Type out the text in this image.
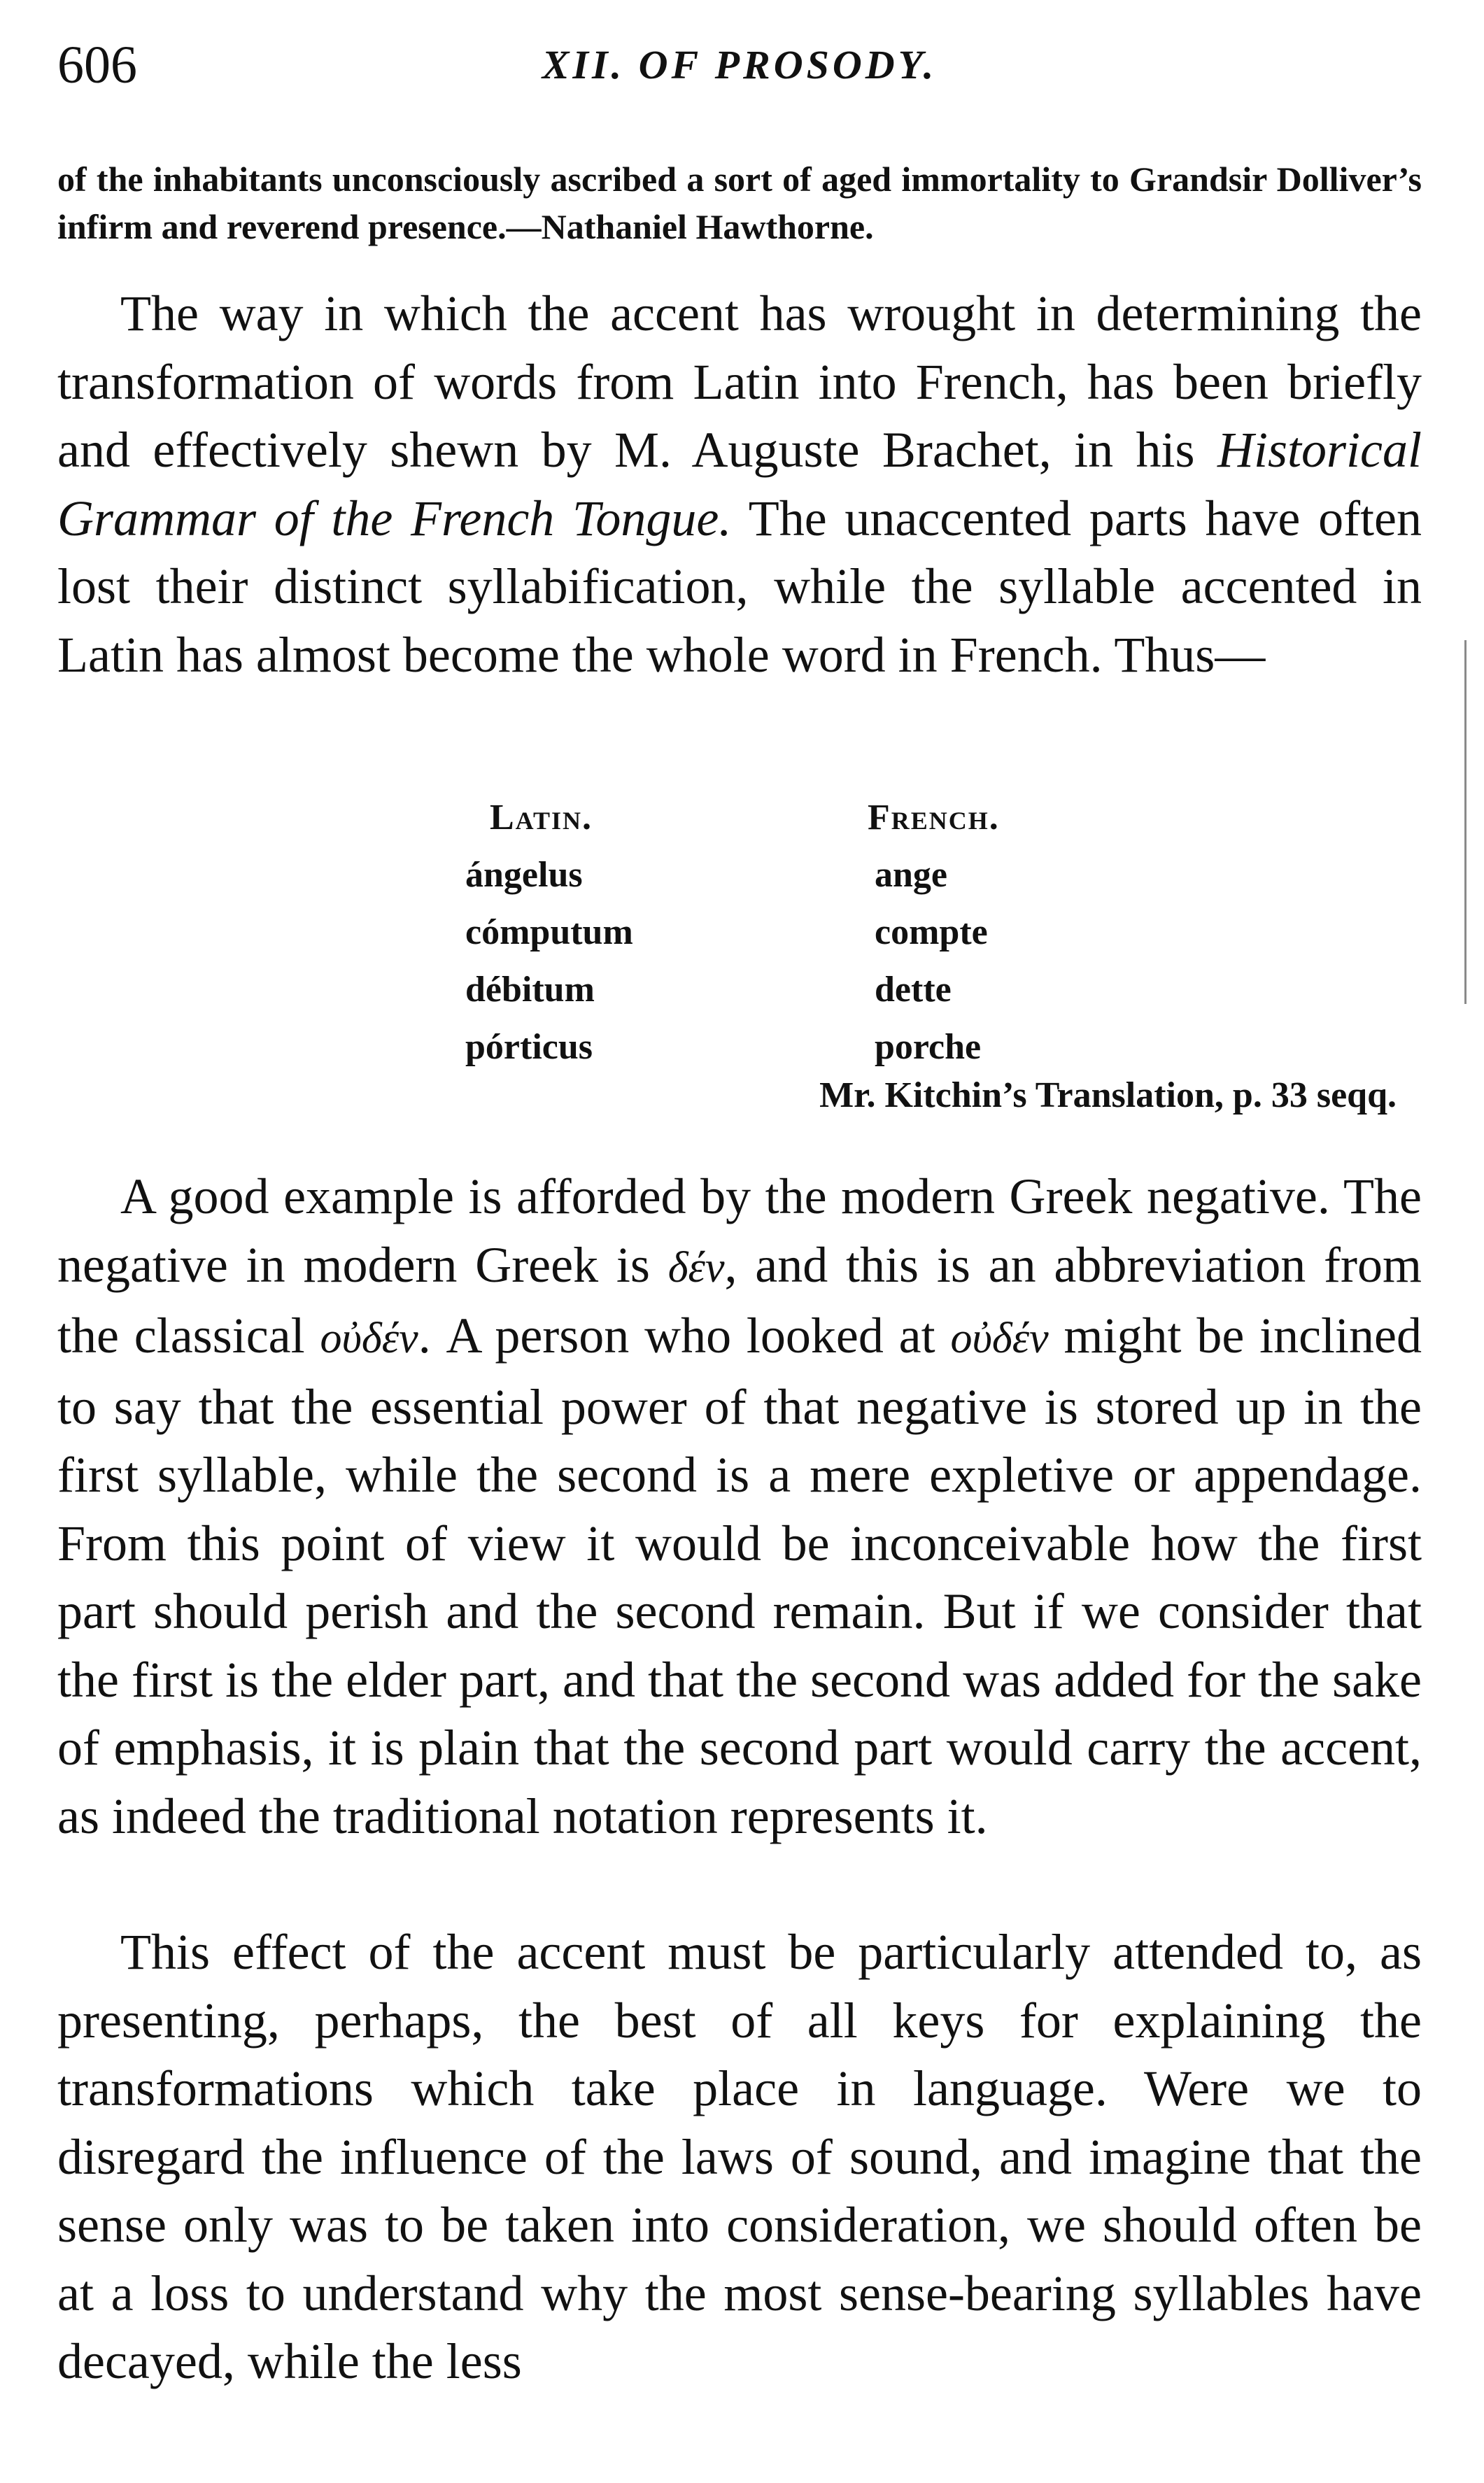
606	XII. OF PROSODY.
of the inhabitants unconsciously ascribed a sort of aged immortality to Grandsir Dolliver’s infirm and reverend presence.—Nathaniel Hawthorne.

The way in which the accent has wrought in determining the transformation of words from Latin into French, has been briefly and effectively shewn by M. Auguste Brachet, in his Historical Grammar of the French Tongue. The unaccented parts have often lost their distinct syllabification, while the syllable accented in Latin has almost become the whole word in French. Thus—

Latin.	French.
ángelus	ange
cómputum	compte
débitum	dette
pórticus	porche
Mr. Kitchin’s Translation, p. 33 seqq.

A good example is afforded by the modern Greek negative. The negative in modern Greek is δέν, and this is an abbreviation from the classical οὐδέν. A person who looked at οὐδέν might be inclined to say that the essential power of that negative is stored up in the first syllable, while the second is a mere expletive or appendage. From this point of view it would be inconceivable how the first part should perish and the second remain. But if we consider that the first is the elder part, and that the second was added for the sake of emphasis, it is plain that the second part would carry the accent, as indeed the traditional notation represents it.

This effect of the accent must be particularly attended to, as presenting, perhaps, the best of all keys for explaining the transformations which take place in language. Were we to disregard the influence of the laws of sound, and imagine that the sense only was to be taken into consideration, we should often be at a loss to understand why the most sense-bearing syllables have decayed, while the less
